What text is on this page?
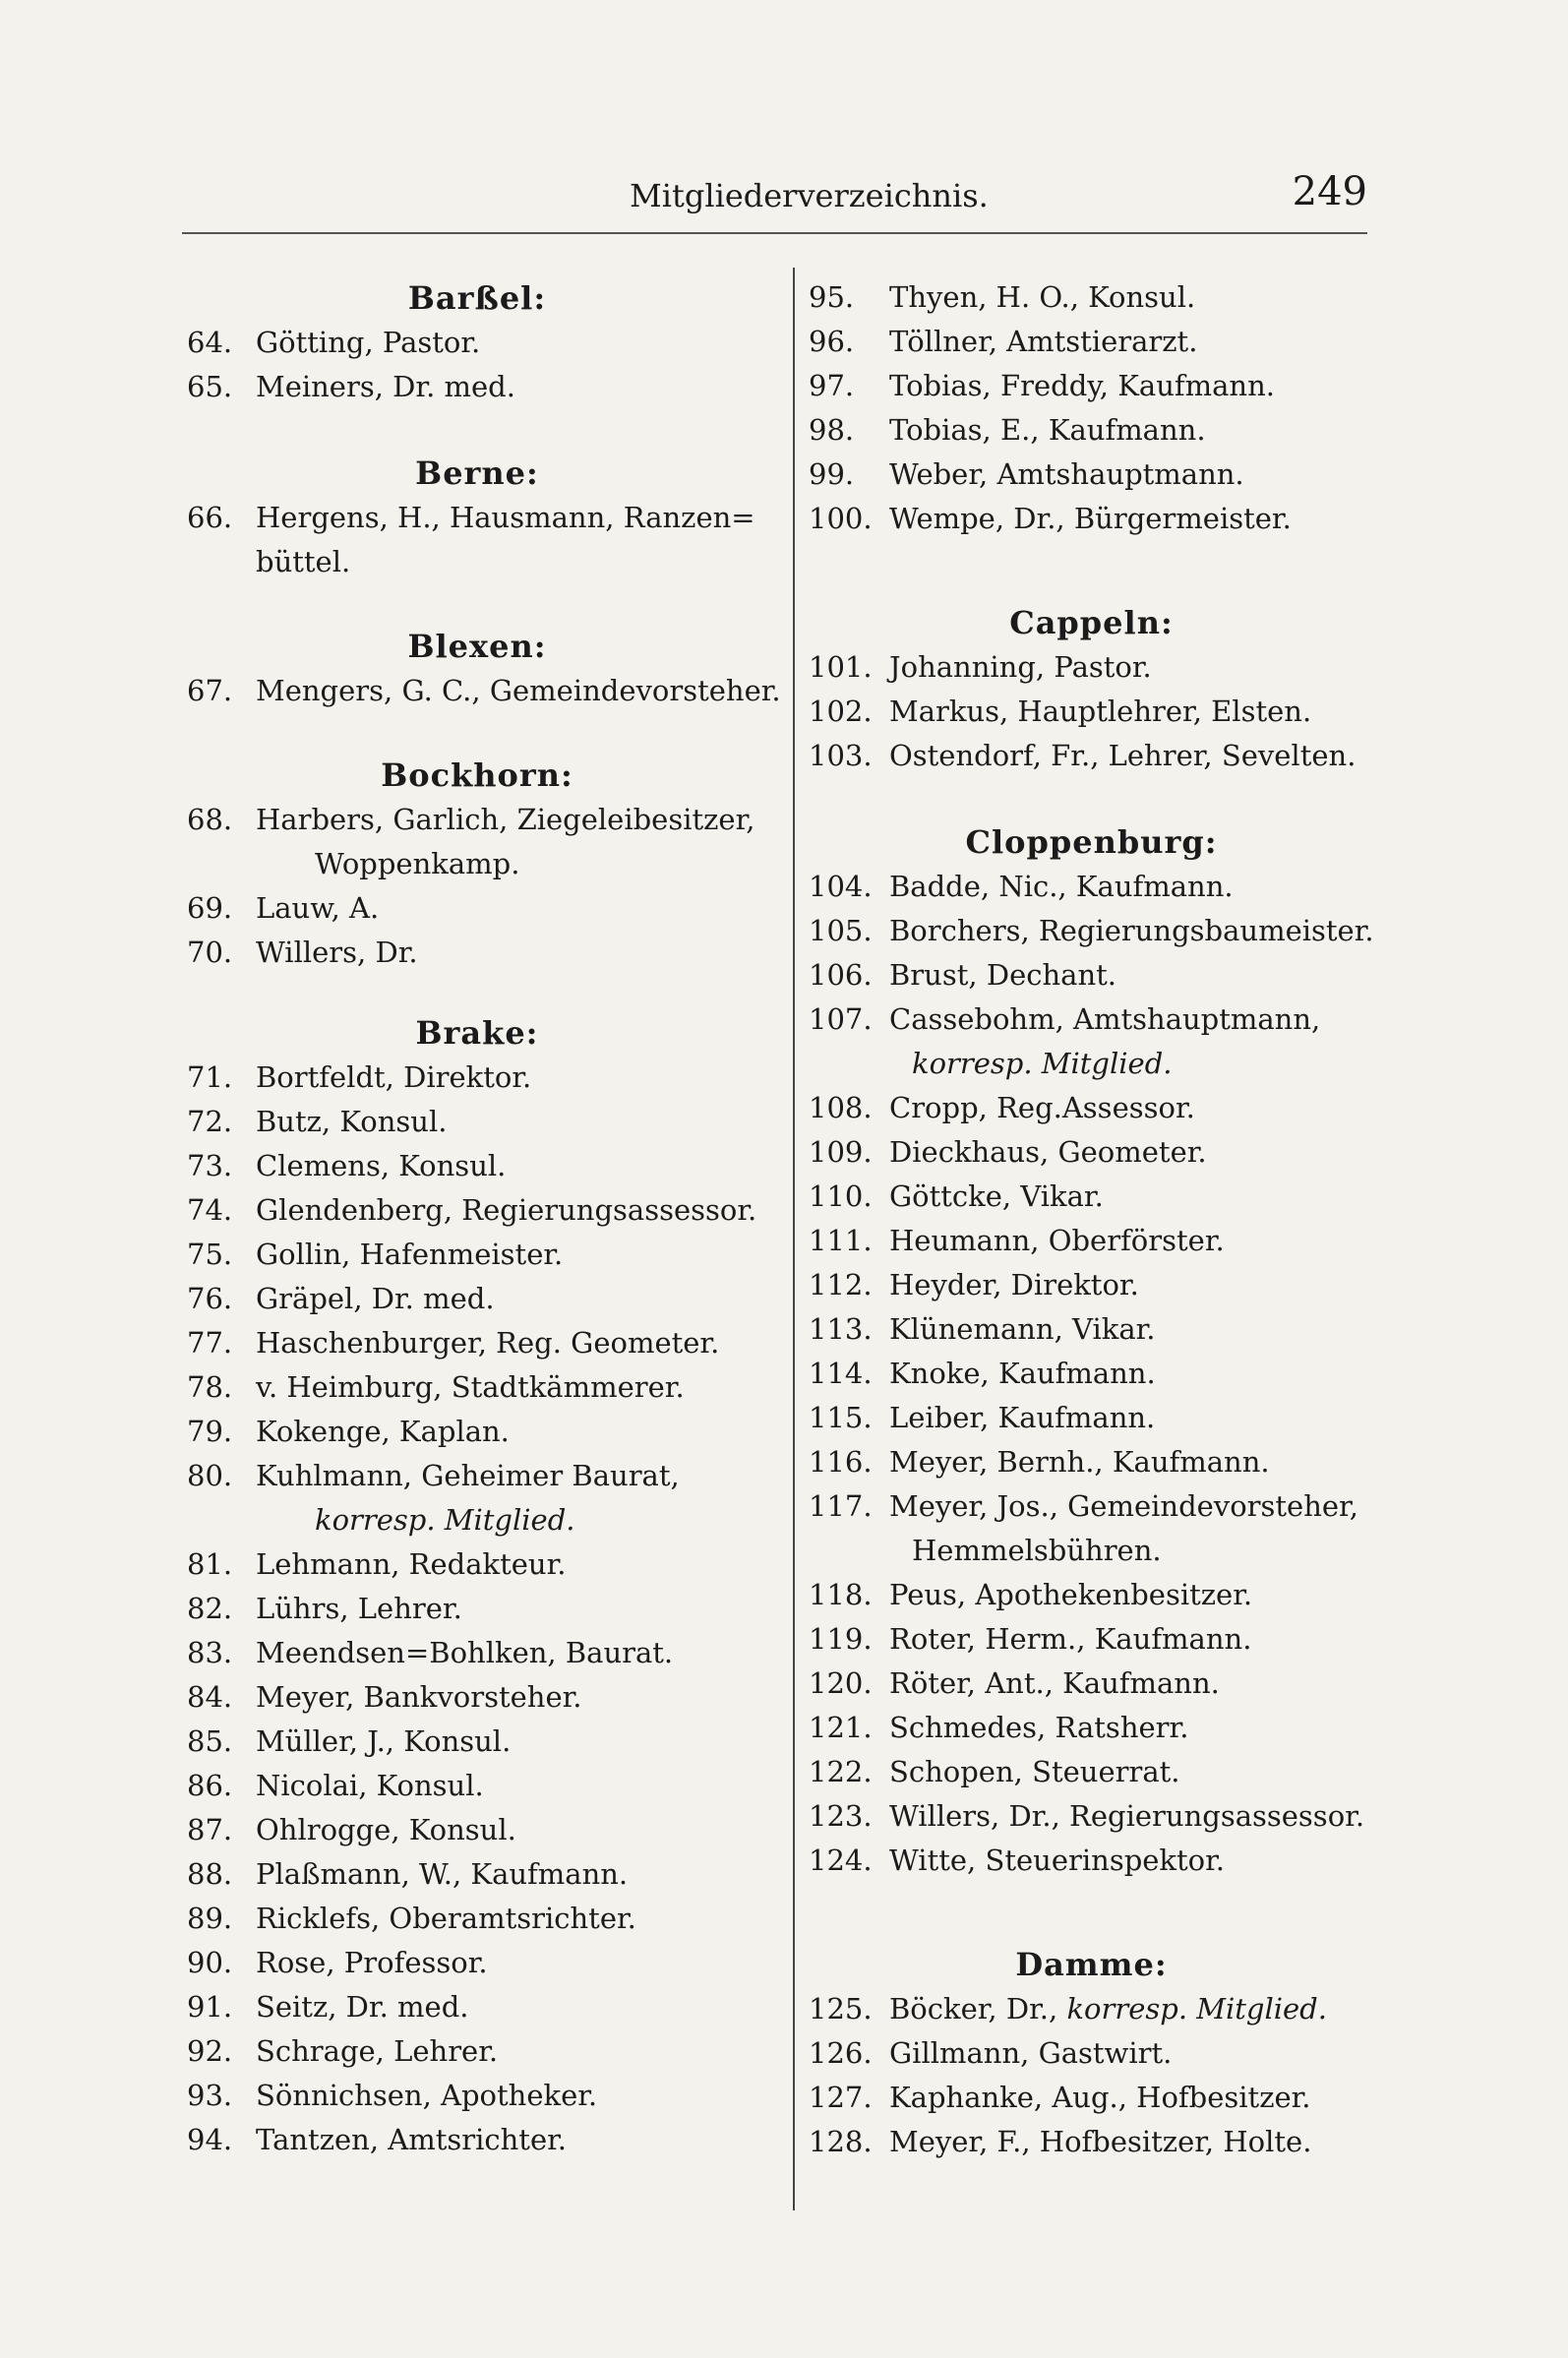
Mitgliederverzeichnis.	249
Barßel:
64. Götting, Pastor.
65. Meiners, Dr. med.
Berne:
66. Hergens, H., Hausmann, Ranzen=
büttel.
Blexen:
67. Mengers, G. C., Gemeindevorsteher.
Bockhorn:
68. Harbers, Garlich, Ziegeleibesitzer,
Woppenkamp.
69. Lauw, A.
70. Willers, Dr.
Brake:
71. Bortfeldt, Direktor.
72. Butz, Konsul.
73. Clemens, Konsul.
74. Glendenberg, Regierungsassessor.
75. Gollin, Hafenmeister.
76. Gräpel, Dr. med.
77. Haschenburger, Reg. Geometer.
78. v. Heimburg, Stadtkämmerer.
79. Kokenge, Kaplan.
80. Kuhlmann, Geheimer Baurat,
korresp. Mitglied.
81. Lehmann, Redakteur.
82. Lührs, Lehrer.
83. Meendsen=Bohlken, Baurat.
84. Meyer, Bankvorsteher.
85. Müller, J., Konsul.
86. Nicolai, Konsul.
87. Ohlrogge, Konsul.
88. Plaßmann, W., Kaufmann.
89. Ricklefs, Oberamtsrichter.
90. Rose, Professor.
91. Seitz, Dr. med.
92. Schrage, Lehrer.
93. Sönnichsen, Apotheker.
94. Tantzen, Amtsrichter.
95.	Thyen, H. O., Konsul.
96.	Töllner, Amtstierarzt.
97.	Tobias, Freddy, Kaufmann.
98.	Tobias, E., Kaufmann.
99.	Weber, Amtshauptmann.
100. Wempe, Dr., Bürgermeister.
Cappeln:
101. Johanning, Pastor.
102. Markus, Hauptlehrer, Elsten.
103. Ostendorf, Fr., Lehrer, Sevelten.
Cloppenburg:
104. Badde, Nic., Kaufmann.
105. Borchers, Regierungsbaumeister.
106. Brust, Dechant.
107. Cassebohm, Amtshauptmann,
korresp. Mitglied.
108. Cropp, Reg.Assessor.
109. Dieckhaus, Geometer.
110. Göttcke, Vikar.
111. Heumann, Oberförster.
112. Heyder, Direktor.
113. Klünemann, Vikar.
114. Knoke, Kaufmann.
115. Leiber, Kaufmann.
116. Meyer, Bernh., Kaufmann.
117. Meyer, Jos., Gemeindevorsteher,
Hemmelsbühren.
118. Peus, Apothekenbesitzer.
119. Roter, Herm., Kaufmann.
120. Röter, Ant., Kaufmann.
121. Schmedes, Ratsherr.
122. Schopen, Steuerrat.
123. Willers, Dr., Regierungsassessor.
124. Witte, Steuerinspektor.
Damme:
125. Böcker, Dr., korresp. Mitglied.
126. Gillmann, Gastwirt.
127. Kaphanke, Aug., Hofbesitzer.
128. Meyer, F., Hofbesitzer, Holte.
